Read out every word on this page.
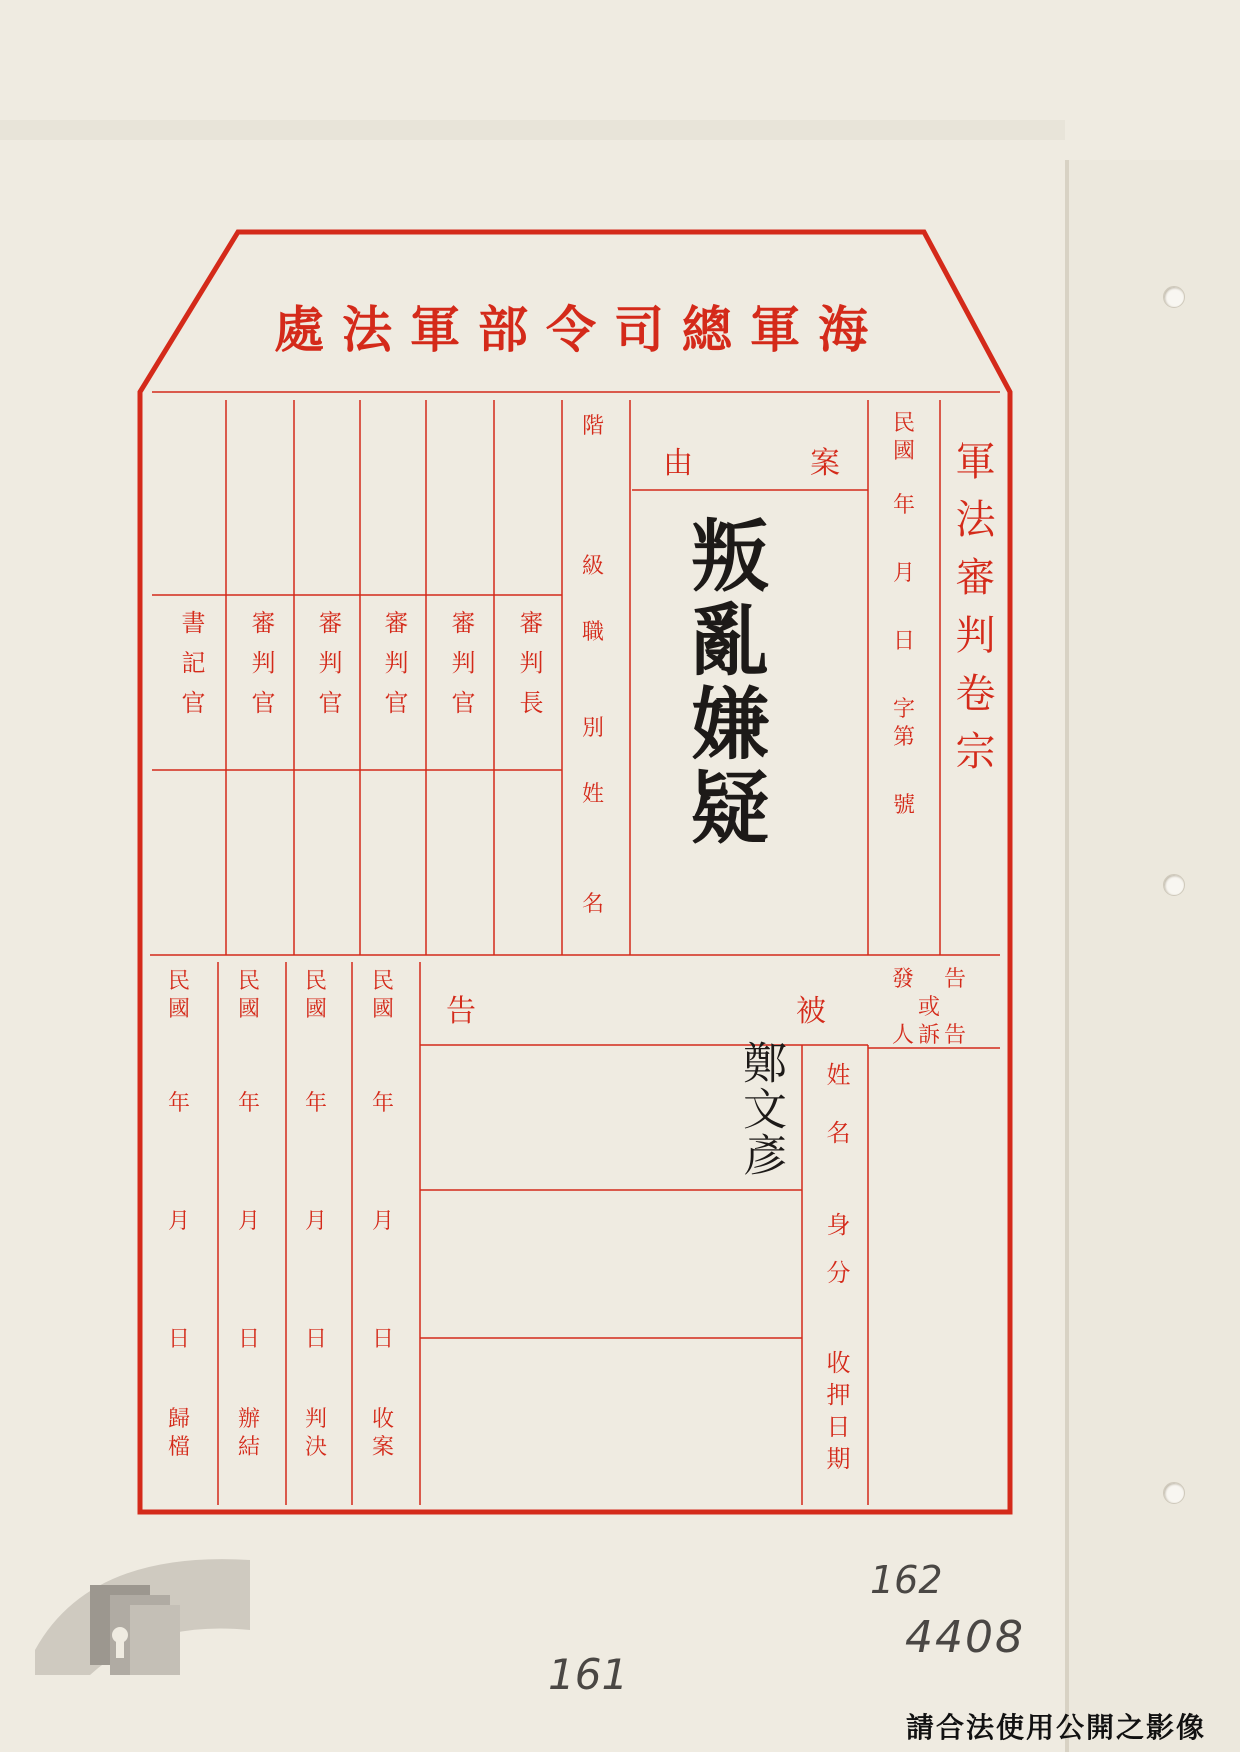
海軍總司令部軍法處
軍法審判卷宗
民國
年
月
日
字第
號
案
由
叛亂嫌疑
階
級
職
別
姓
名
審判長
審判官
審判官
審判官
審判官
書記官
告
或
告
發
訴
人
被
告
姓名
鄭文彥
身分
收押日期
民國
年
月
日
收案
民國
年
月
日
判決
民國
年
月
日
辦結
民國
年
月
日
歸檔
162
161
4408
請合法使用公開之影像
